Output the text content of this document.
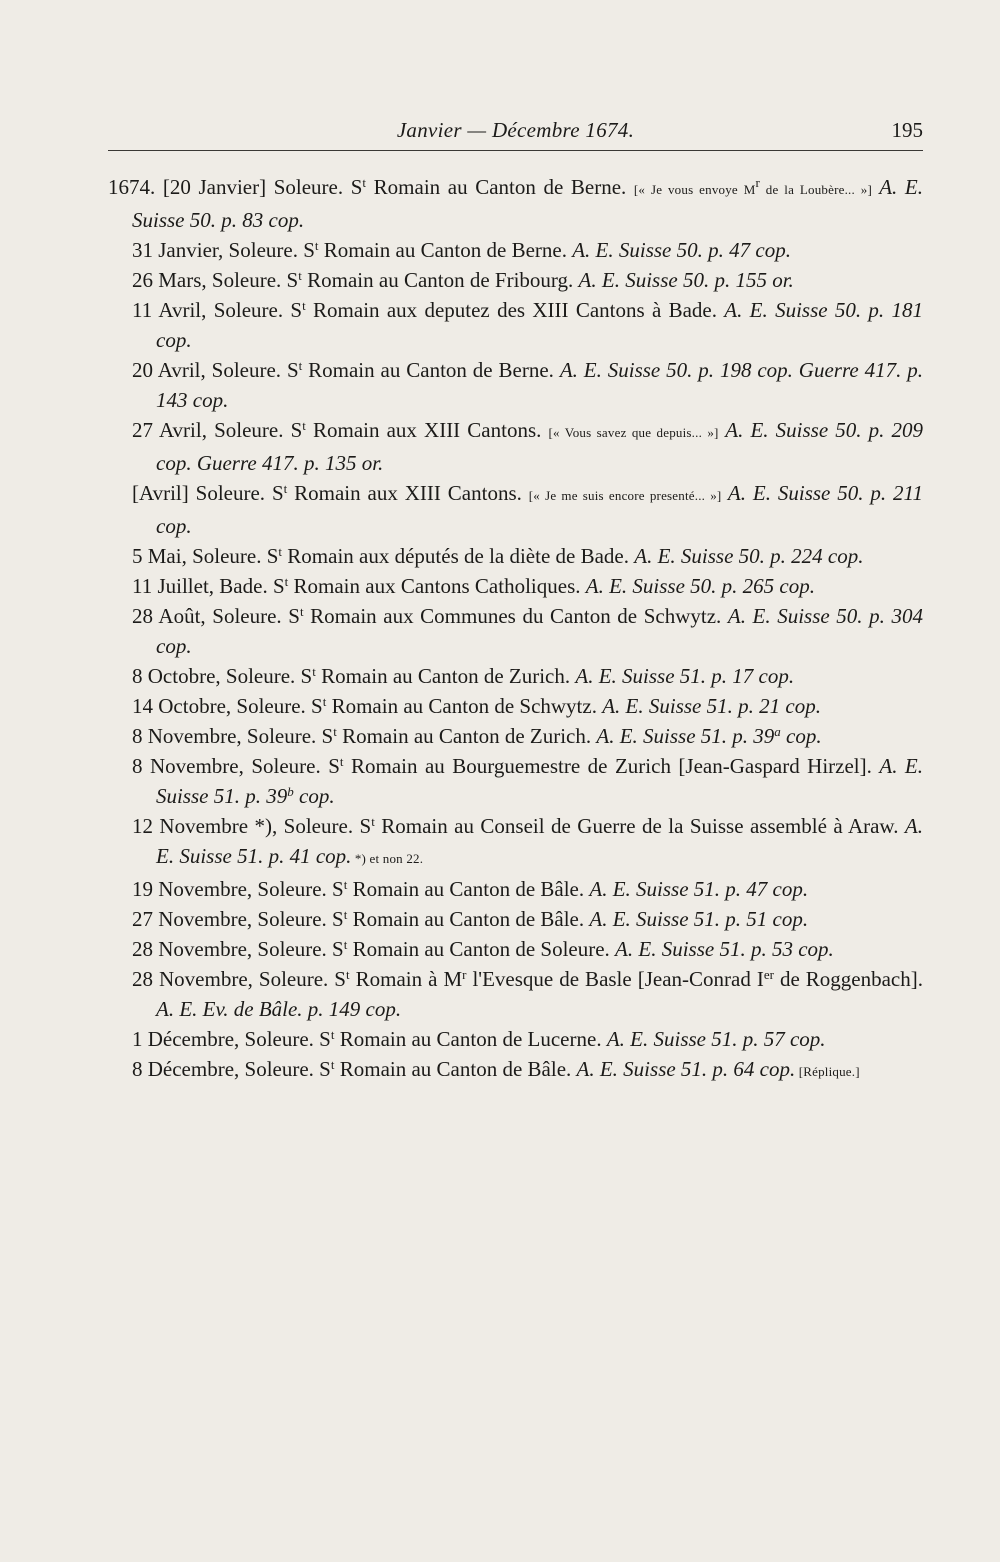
Janvier — Décembre 1674.	195

1674. [20 Janvier] Soleure. $S^t$ Romain au Canton de Berne. [« Je vous envoye $M^r$ de la Loubère... »] A. E. Suisse 50. p. 83 cop.

31 Janvier, Soleure. $S^t$ Romain au Canton de Berne. A. E. Suisse 50. p. 47 cop.

26 Mars, Soleure. $S^t$ Romain au Canton de Fribourg. A. E. Suisse 50. p. 155 or.

11 Avril, Soleure. $S^t$ Romain aux deputez des XIII Cantons à Bade. A. E. Suisse 50. p. 181 cop.

20 Avril, Soleure. $S^t$ Romain au Canton de Berne. A. E. Suisse 50. p. 198 cop. Guerre 417. p. 143 cop.

27 Avril, Soleure. $S^t$ Romain aux XIII Cantons. [« Vous savez que depuis... »] A. E. Suisse 50. p. 209 cop. Guerre 417. p. 135 or.

[Avril] Soleure. $S^t$ Romain aux XIII Cantons. [« Je me suis encore presenté... »] A. E. Suisse 50. p. 211 cop.

5 Mai, Soleure. $S^t$ Romain aux députés de la diète de Bade. A. E. Suisse 50. p. 224 cop.

11 Juillet, Bade. $S^t$ Romain aux Cantons Catholiques. A. E. Suisse 50. p. 265 cop.

28 Août, Soleure. $S^t$ Romain aux Communes du Canton de Schwytz. A. E. Suisse 50. p. 304 cop.

8 Octobre, Soleure. $S^t$ Romain au Canton de Zurich. A. E. Suisse 51. p. 17 cop.

14 Octobre, Soleure. $S^t$ Romain au Canton de Schwytz. A. E. Suisse 51. p. 21 cop.

8 Novembre, Soleure. $S^t$ Romain au Canton de Zurich. A. E. Suisse 51. p. 39$^a$ cop.

8 Novembre, Soleure. $S^t$ Romain au Bourguemestre de Zurich [Jean-Gaspard Hirzel]. A. E. Suisse 51. p. 39$^b$ cop.

12 Novembre *), Soleure. $S^t$ Romain au Conseil de Guerre de la Suisse assemblé à Araw. A. E. Suisse 51. p. 41 cop. *) et non 22.

19 Novembre, Soleure. $S^t$ Romain au Canton de Bâle. A. E. Suisse 51. p. 47 cop.

27 Novembre, Soleure. $S^t$ Romain au Canton de Bâle. A. E. Suisse 51. p. 51 cop.

28 Novembre, Soleure. $S^t$ Romain au Canton de Soleure. A. E. Suisse 51. p. 53 cop.

28 Novembre, Soleure. $S^t$ Romain à $M^r$ l'Evesque de Basle [Jean-Conrad Ier de Roggenbach]. A. E. Ev. de Bâle. p. 149 cop.

1 Décembre, Soleure. $S^t$ Romain au Canton de Lucerne. A. E. Suisse 51. p. 57 cop.

8 Décembre, Soleure. $S^t$ Romain au Canton de Bâle. A. E. Suisse 51. p. 64 cop. [Réplique.]
